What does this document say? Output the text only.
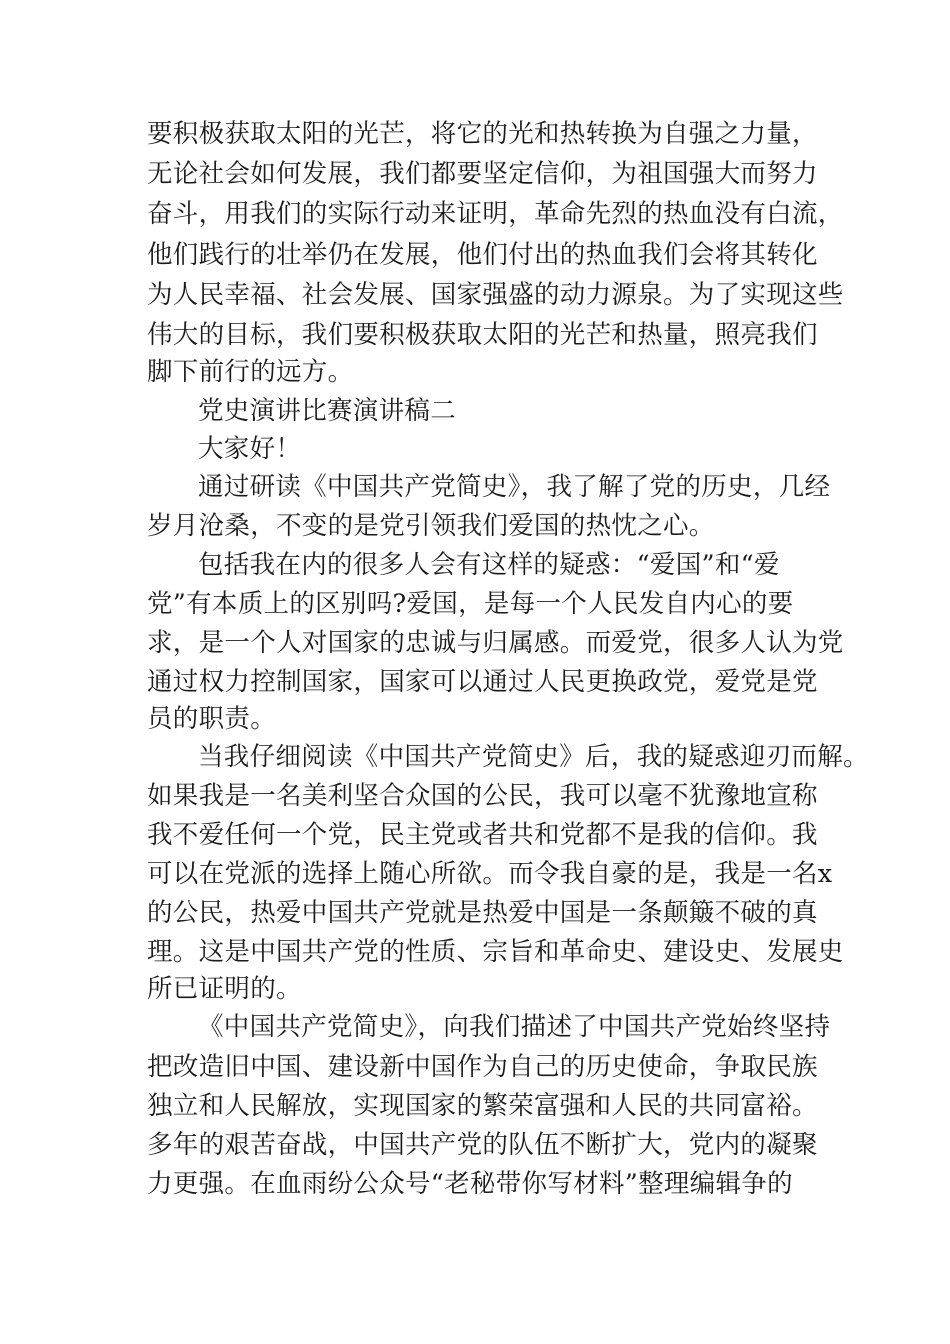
要积极获取太阳的光芒，将它的光和热转换为自强之力量，
无论社会如何发展，我们都要坚定信仰，为祖国强大而努力
奋斗，用我们的实际行动来证明，革命先烈的热血没有白流，
他们践行的壮举仍在发展，他们付出的热血我们会将其转化
为人民幸福、社会发展、国家强盛的动力源泉。为了实现这些
伟大的目标，我们要积极获取太阳的光芒和热量，照亮我们
脚下前行的远方。
党史演讲比赛演讲稿二
大家好！
通过研读《中国共产党简史》，我了解了党的历史，几经
岁月沧桑，不变的是党引领我们爱国的热忱之心。
包括我在内的很多人会有这样的疑惑：“爱国”和“爱
党”有本质上的区别吗?爱国，是每一个人民发自内心的要
求，是一个人对国家的忠诚与归属感。而爱党，很多人认为党
通过权力控制国家，国家可以通过人民更换政党，爱党是党
员的职责。
当我仔细阅读《中国共产党简史》后，我的疑惑迎刃而解。
如果我是一名美利坚合众国的公民，我可以毫不犹豫地宣称
我不爱任何一个党，民主党或者共和党都不是我的信仰。我
可以在党派的选择上随心所欲。而令我自豪的是，我是一名x
的公民，热爱中国共产党就是热爱中国是一条颠簸不破的真
理。这是中国共产党的性质、宗旨和革命史、建设史、发展史
所已证明的。
《中国共产党简史》，向我们描述了中国共产党始终坚持
把改造旧中国、建设新中国作为自己的历史使命，争取民族
独立和人民解放，实现国家的繁荣富强和人民的共同富裕。
多年的艰苦奋战，中国共产党的队伍不断扩大，党内的凝聚
力更强。在血雨纷公众号“老秘带你写材料”整理编辑争的
